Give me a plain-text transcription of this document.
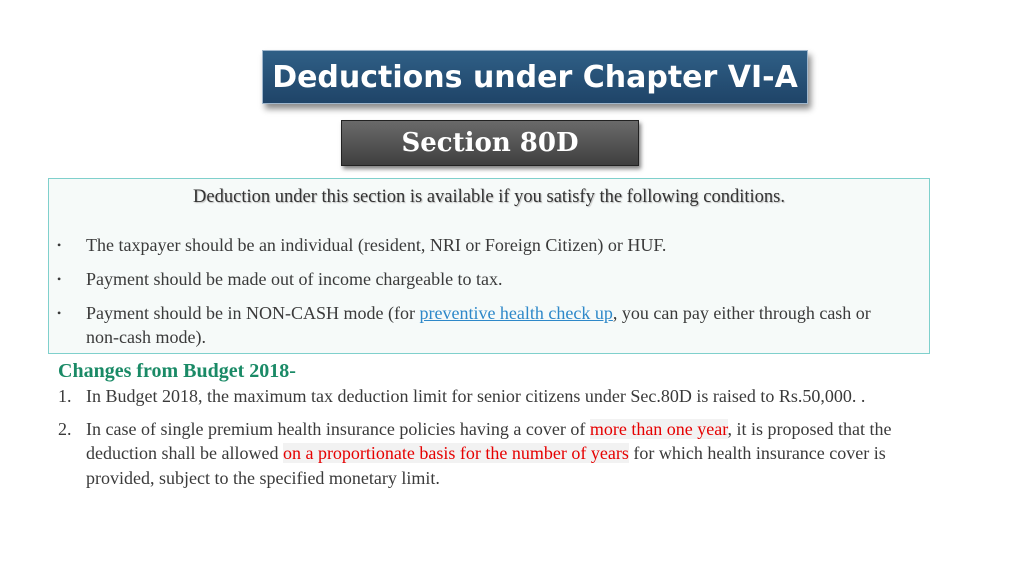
Deductions under Chapter VI-A
Section 80D
Deduction under this section is available if you satisfy the following conditions.
• The taxpayer should be an individual (resident, NRI or Foreign Citizen) or HUF.
• Payment should be made out of income chargeable to tax.
• Payment should be in NON-CASH mode (for preventive health check up, you can pay either through cash or non-cash mode).
Changes from Budget 2018-
1. In Budget 2018, the maximum tax deduction limit for senior citizens under Sec.80D is raised to Rs.50,000. .
2. In case of single premium health insurance policies having a cover of more than one year, it is proposed that the deduction shall be allowed on a proportionate basis for the number of years for which health insurance cover is provided, subject to the specified monetary limit.
